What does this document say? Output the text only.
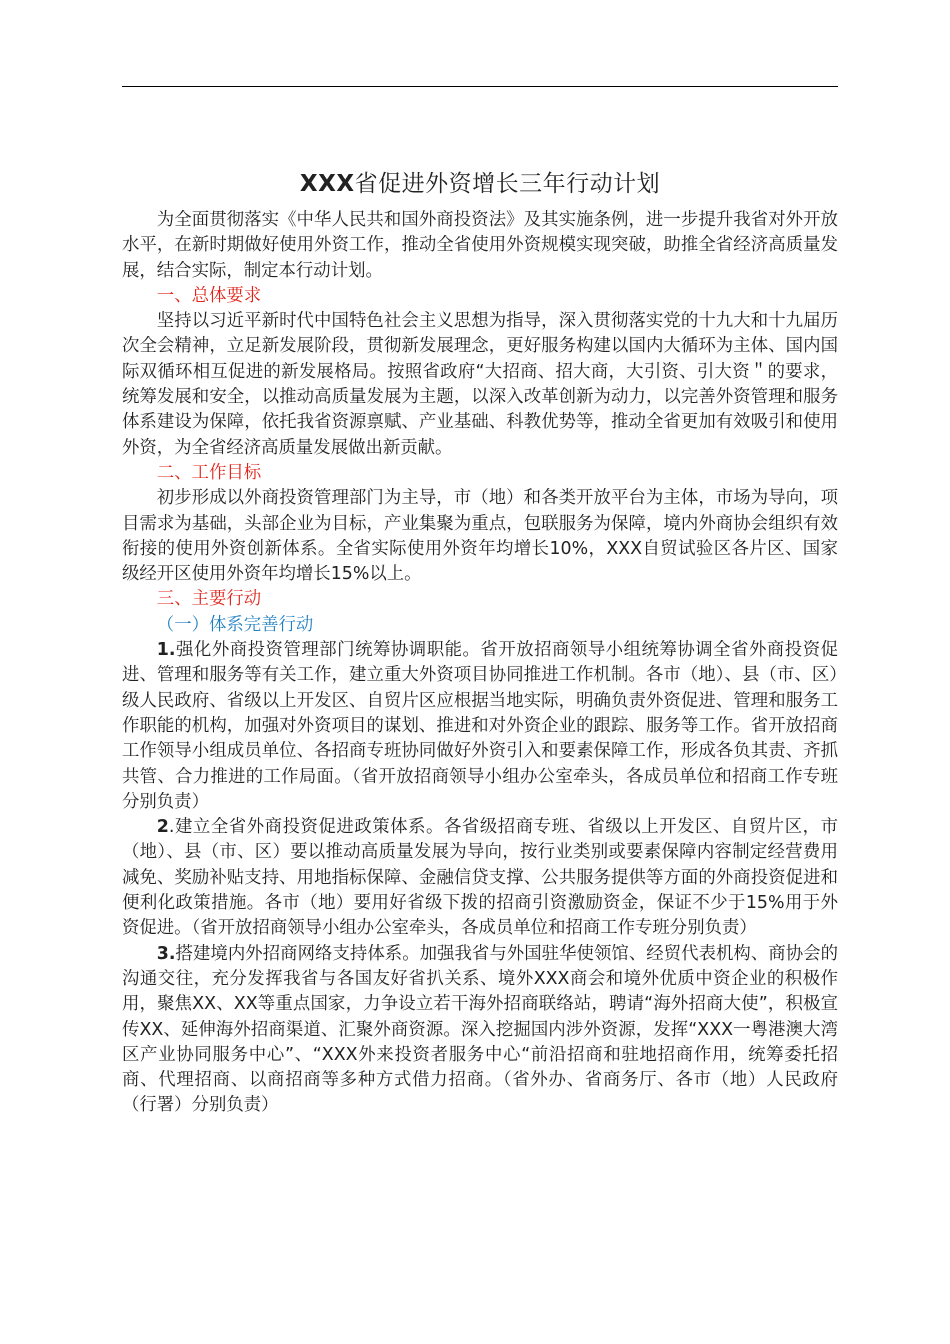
XXX省促进外资增长三年行动计划

为全面贯彻落实《中华人民共和国外商投资法》及其实施条例，进一步提升我省对外开放水平，在新时期做好使用外资工作，推动全省使用外资规模实现突破，助推全省经济高质量发展，结合实际，制定本行动计划。

一、总体要求

坚持以习近平新时代中国特色社会主义思想为指导，深入贯彻落实党的十九大和十九届历次全会精神，立足新发展阶段，贯彻新发展理念，更好服务构建以国内大循环为主体、国内国际双循环相互促进的新发展格局。按照省政府“大招商、招大商，大引资、引大资＂的要求，统筹发展和安全，以推动高质量发展为主题，以深入改革创新为动力，以完善外资管理和服务体系建设为保障，依托我省资源禀赋、产业基础、科教优势等，推动全省更加有效吸引和使用外资，为全省经济高质量发展做出新贡献。

二、工作目标

初步形成以外商投资管理部门为主导，市（地）和各类开放平台为主体，市场为导向，项目需求为基础，头部企业为目标，产业集聚为重点，包联服务为保障，境内外商协会组织有效衔接的使用外资创新体系。全省实际使用外资年均增长10%，XXX自贸试验区各片区、国家级经开区使用外资年均增长15%以上。

三、主要行动

（一）体系完善行动

1.强化外商投资管理部门统筹协调职能。省开放招商领导小组统筹协调全省外商投资促进、管理和服务等有关工作，建立重大外资项目协同推进工作机制。各市（地）、县（市、区）级人民政府、省级以上开发区、自贸片区应根据当地实际，明确负责外资促进、管理和服务工作职能的机构，加强对外资项目的谋划、推进和对外资企业的跟踪、服务等工作。省开放招商工作领导小组成员单位、各招商专班协同做好外资引入和要素保障工作，形成各负其责、齐抓共管、合力推进的工作局面。（省开放招商领导小组办公室牵头，各成员单位和招商工作专班分别负责）

2.建立全省外商投资促进政策体系。各省级招商专班、省级以上开发区、自贸片区，市（地）、县（市、区）要以推动高质量发展为导向，按行业类别或要素保障内容制定经营费用减免、奖励补贴支持、用地指标保障、金融信贷支撑、公共服务提供等方面的外商投资促进和便利化政策措施。各市（地）要用好省级下拨的招商引资激励资金，保证不少于15%用于外资促进。（省开放招商领导小组办公室牵头，各成员单位和招商工作专班分别负责）

3.搭建境内外招商网络支持体系。加强我省与外国驻华使领馆、经贸代表机构、商协会的沟通交往，充分发挥我省与各国友好省扒关系、境外XXX商会和境外优质中资企业的积极作用，聚焦XX、XX等重点国家，力争设立若干海外招商联络站，聘请“海外招商大使”，积极宣传XX、延伸海外招商渠道、汇聚外商资源。深入挖掘国内涉外资源，发挥“XXX一粤港澳大湾区产业协同服务中心”、“XXX外来投资者服务中心“前沿招商和驻地招商作用，统筹委托招商、代理招商、以商招商等多种方式借力招商。（省外办、省商务厅、各市（地）人民政府（行署）分别负责）
